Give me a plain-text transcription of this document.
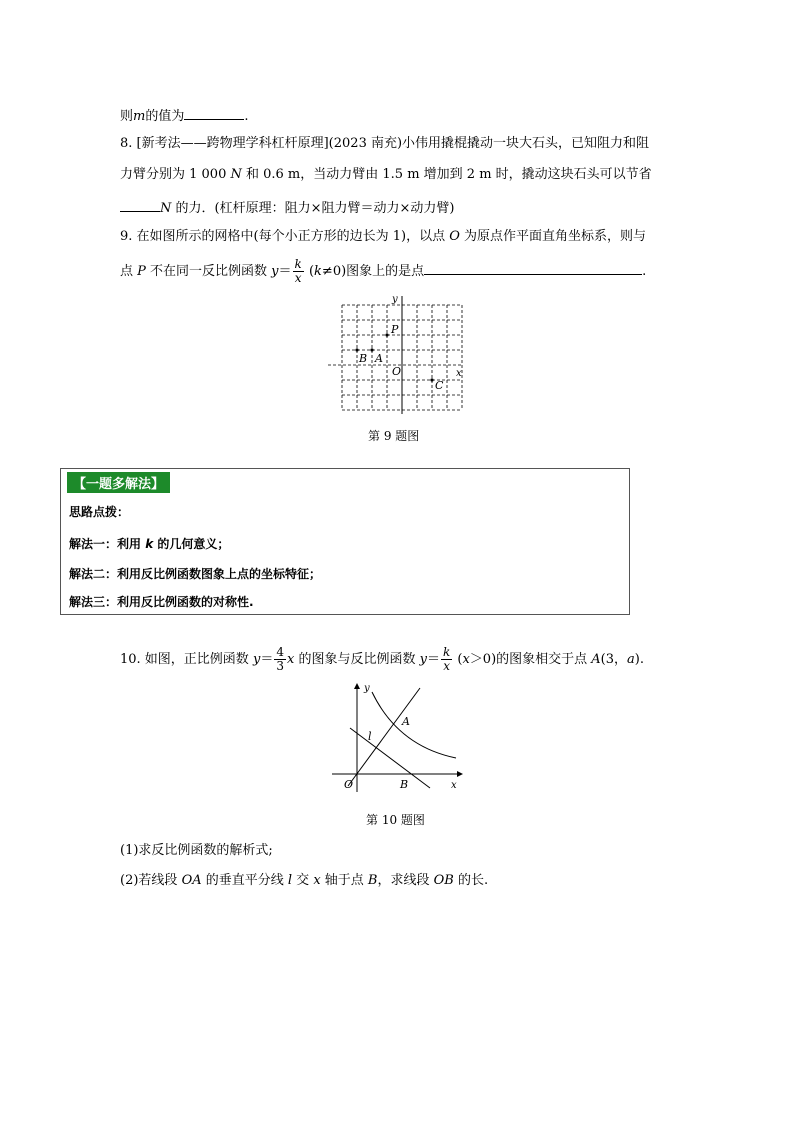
则m的值为	.
8. [新考法——跨物理学科杠杆原理](2023 南充)小伟用撬棍撬动一块大石头，已知阻力和阻
力臂分别为 1 000 N 和 0.6 m，当动力臂由 1.5 m 增加到 2 m 时，撬动这块石头可以节省
N 的力．(杠杆原理：阻力×阻力臂＝动力×动力臂)
9. 在如图所示的网格中(每个小正方形的边长为 1)，以点 O 为原点作平面直角坐标系，则与
点 P 不在同一反比例函数 $y= \frac{k}{x} (k\ne 0)$图象上的是点	.
y
x
P
B A
O
C
第 9 题图
【一题多解法】
思路点拨：
解法一：利用 k 的几何意义；
解法二：利用反比例函数图象上点的坐标特征；
解法三：利用反比例函数的对称性.
10. 如图，正比例函数 $y= \frac{4}{3}$ x 的图象与反比例函数 $y= \frac{k}{x} (x>0)$的图象相交于点 A(3，a).
y
x
O
A
B
l
第 10 题图
(1)求反比例函数的解析式;
(2)若线段 OA 的垂直平分线 l 交 x 轴于点 B，求线段 OB 的长.
